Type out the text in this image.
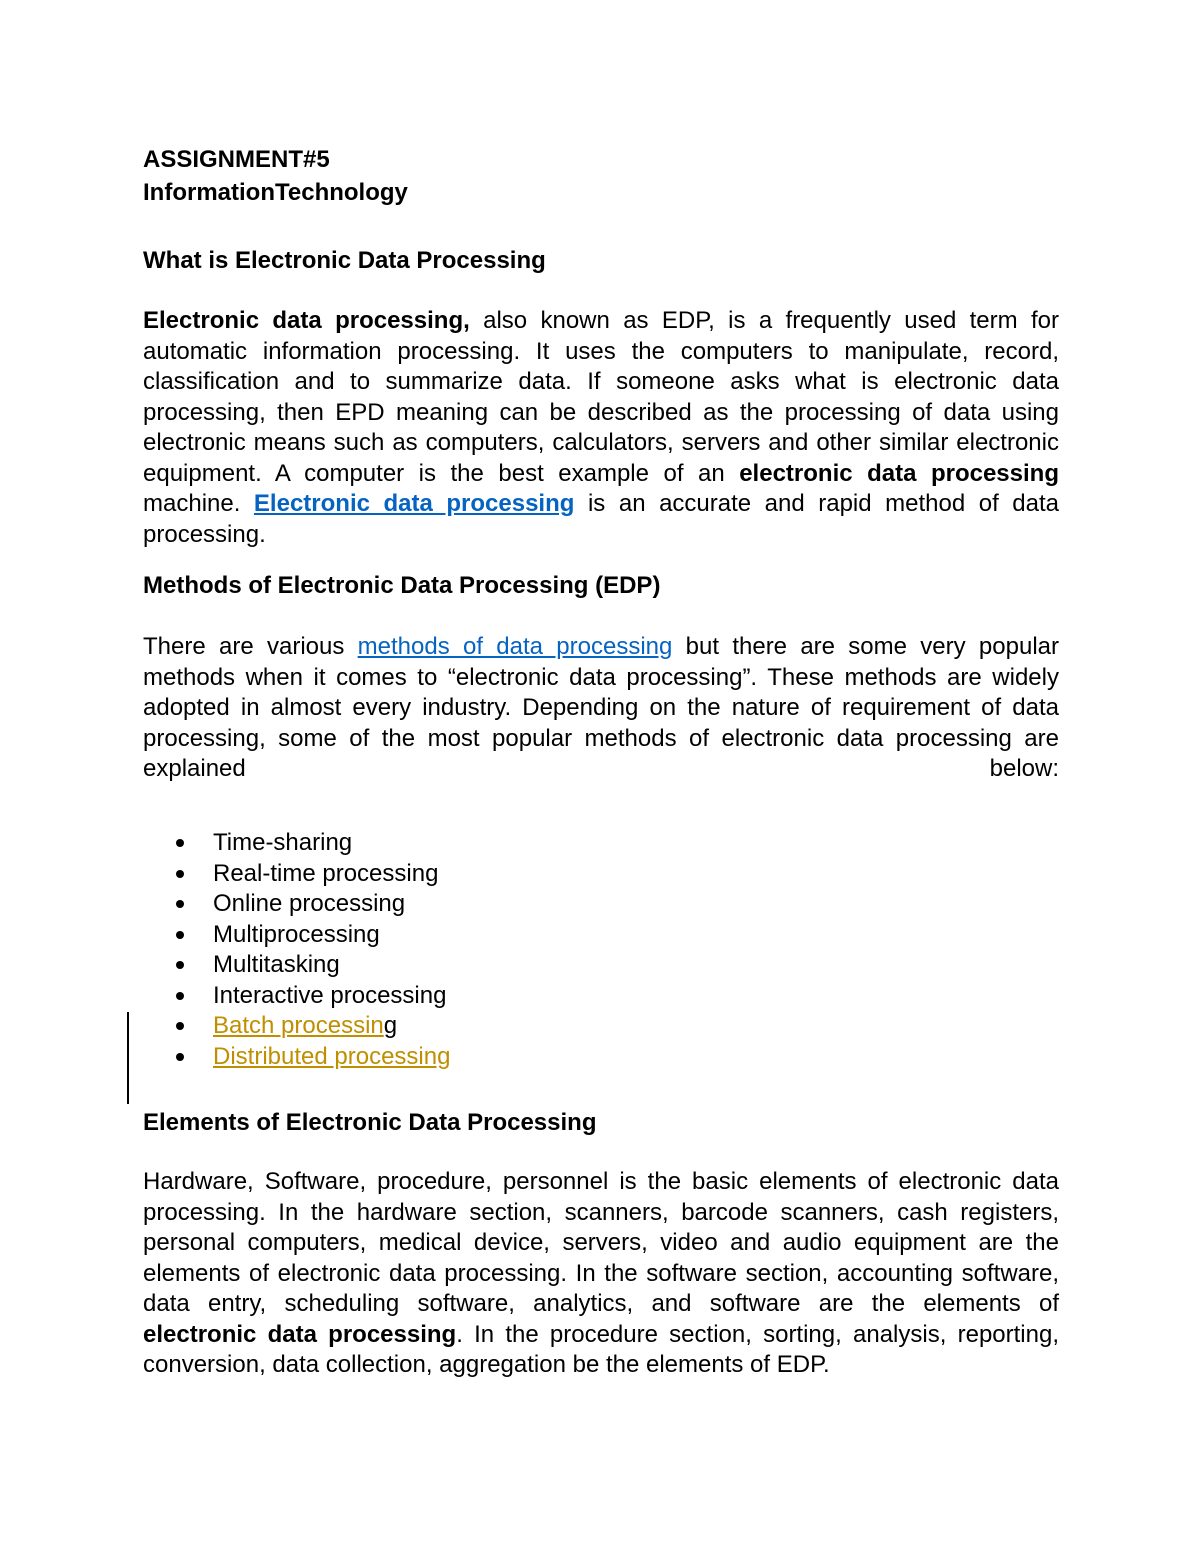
ASSIGNMENT#5
InformationTechnology
What is Electronic Data Processing
Electronic data processing, also known as EDP, is a frequently used term for automatic information processing. It uses the computers to manipulate, record, classification and to summarize data. If someone asks what is electronic data processing, then EPD meaning can be described as the processing of data using electronic means such as computers, calculators, servers and other similar electronic equipment. A computer is the best example of an electronic data processing machine. Electronic data processing is an accurate and rapid method of data processing.
Methods of Electronic Data Processing (EDP)
There are various methods of data processing but there are some very popular methods when it comes to “electronic data processing”. These methods are widely adopted in almost every industry. Depending on the nature of requirement of data processing, some of the most popular methods of electronic data processing are explained below:
Time-sharing
Real-time processing
Online processing
Multiprocessing
Multitasking
Interactive processing
Batch processing
Distributed processing
Elements of Electronic Data Processing
Hardware, Software, procedure, personnel is the basic elements of electronic data processing. In the hardware section, scanners, barcode scanners, cash registers, personal computers, medical device, servers, video and audio equipment are the elements of electronic data processing. In the software section, accounting software, data entry, scheduling software, analytics, and software are the elements of electronic data processing. In the procedure section, sorting, analysis, reporting, conversion, data collection, aggregation be the elements of EDP.
